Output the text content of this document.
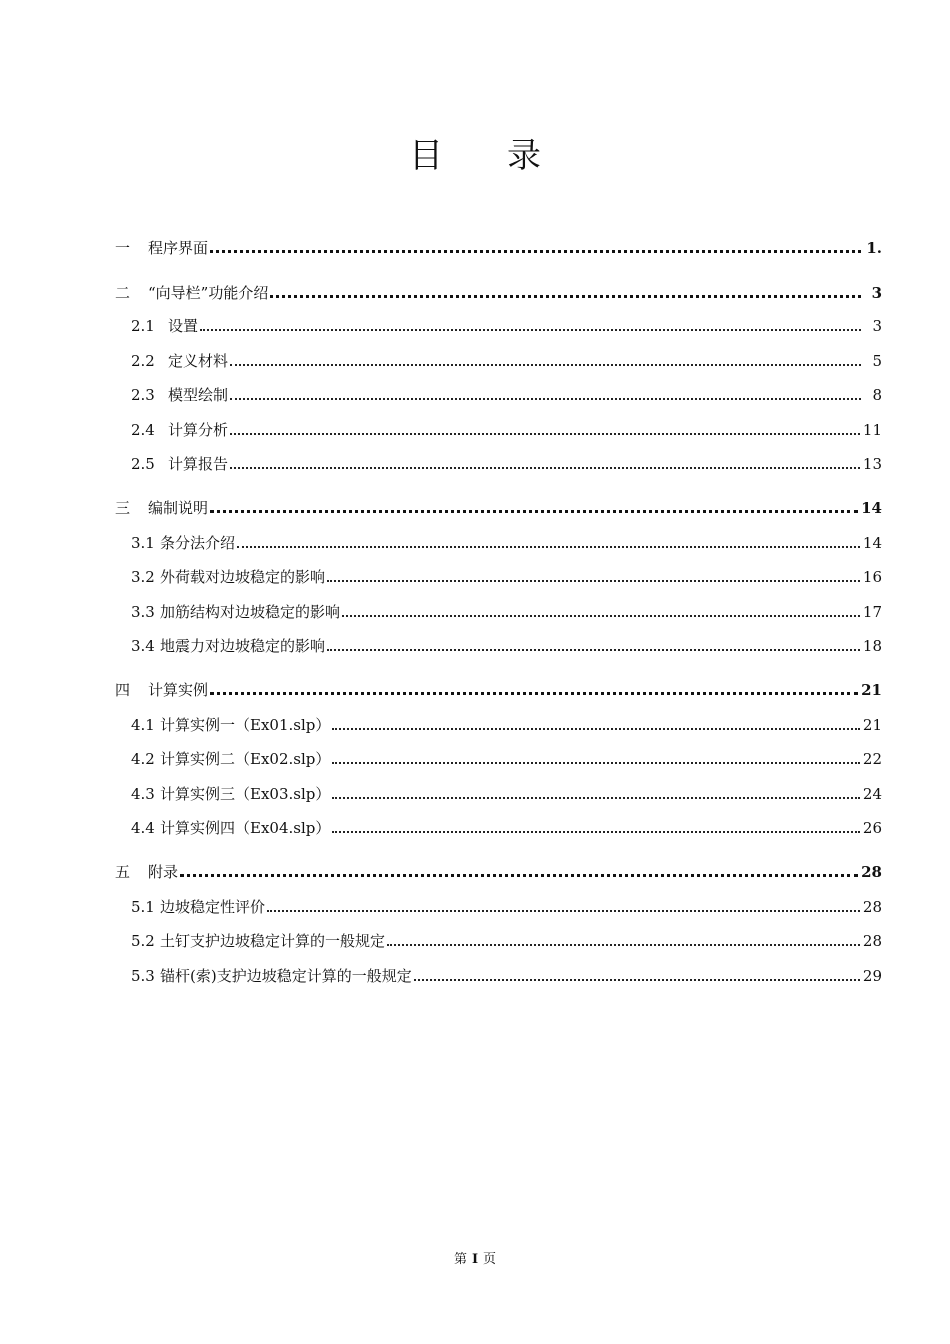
目 录
一	程序界面	1.
二	“向导栏”功能介绍	3
2.1 设置	3
2.2 定义材料	5
2.3 模型绘制	8
2.4 计算分析	11
2.5 计算报告	13
三	编制说明	14
3.1 条分法介绍	14
3.2 外荷载对边坡稳定的影响	16
3.3 加筋结构对边坡稳定的影响	17
3.4 地震力对边坡稳定的影响	18
四	计算实例	21
4.1 计算实例一（Ex01.slp）	21
4.2 计算实例二（Ex02.slp）	22
4.3 计算实例三（Ex03.slp）	24
4.4 计算实例四（Ex04.slp）	26
五	附录	28
5.1 边坡稳定性评价	28
5.2 土钉支护边坡稳定计算的一般规定	28
5.3 锚杆(索)支护边坡稳定计算的一般规定	29
第 I 页
